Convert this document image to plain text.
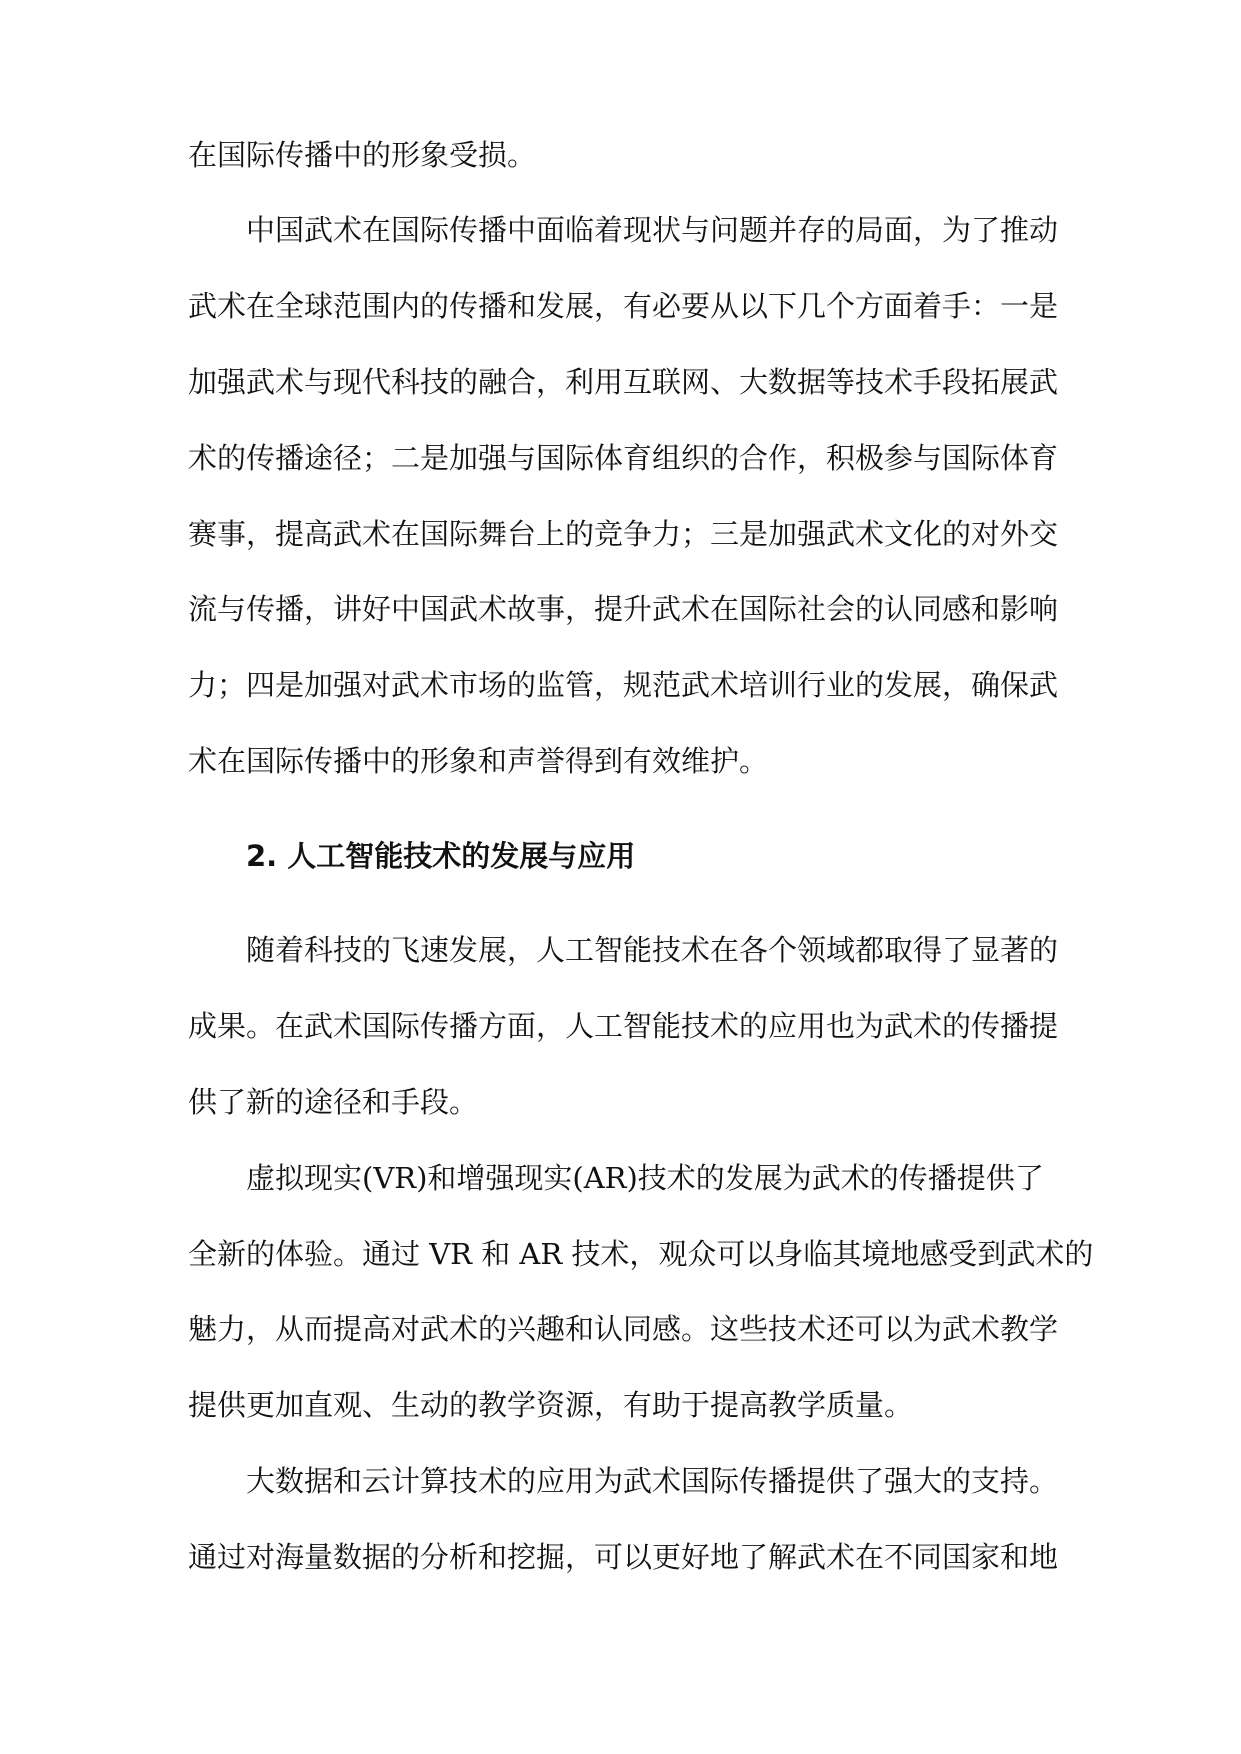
在国际传播中的形象受损。

中国武术在国际传播中面临着现状与问题并存的局面，为了推动

武术在全球范围内的传播和发展，有必要从以下几个方面着手：一是

加强武术与现代科技的融合，利用互联网、大数据等技术手段拓展武

术的传播途径；二是加强与国际体育组织的合作，积极参与国际体育

赛事，提高武术在国际舞台上的竞争力；三是加强武术文化的对外交

流与传播，讲好中国武术故事，提升武术在国际社会的认同感和影响

力；四是加强对武术市场的监管，规范武术培训行业的发展，确保武

术在国际传播中的形象和声誉得到有效维护。

2. 人工智能技术的发展与应用

随着科技的飞速发展，人工智能技术在各个领域都取得了显著的

成果。在武术国际传播方面，人工智能技术的应用也为武术的传播提

供了新的途径和手段。

虚拟现实(VR)和增强现实(AR)技术的发展为武术的传播提供了

全新的体验。通过 VR 和 AR 技术，观众可以身临其境地感受到武术的

魅力，从而提高对武术的兴趣和认同感。这些技术还可以为武术教学

提供更加直观、生动的教学资源，有助于提高教学质量。

大数据和云计算技术的应用为武术国际传播提供了强大的支持。

通过对海量数据的分析和挖掘，可以更好地了解武术在不同国家和地
